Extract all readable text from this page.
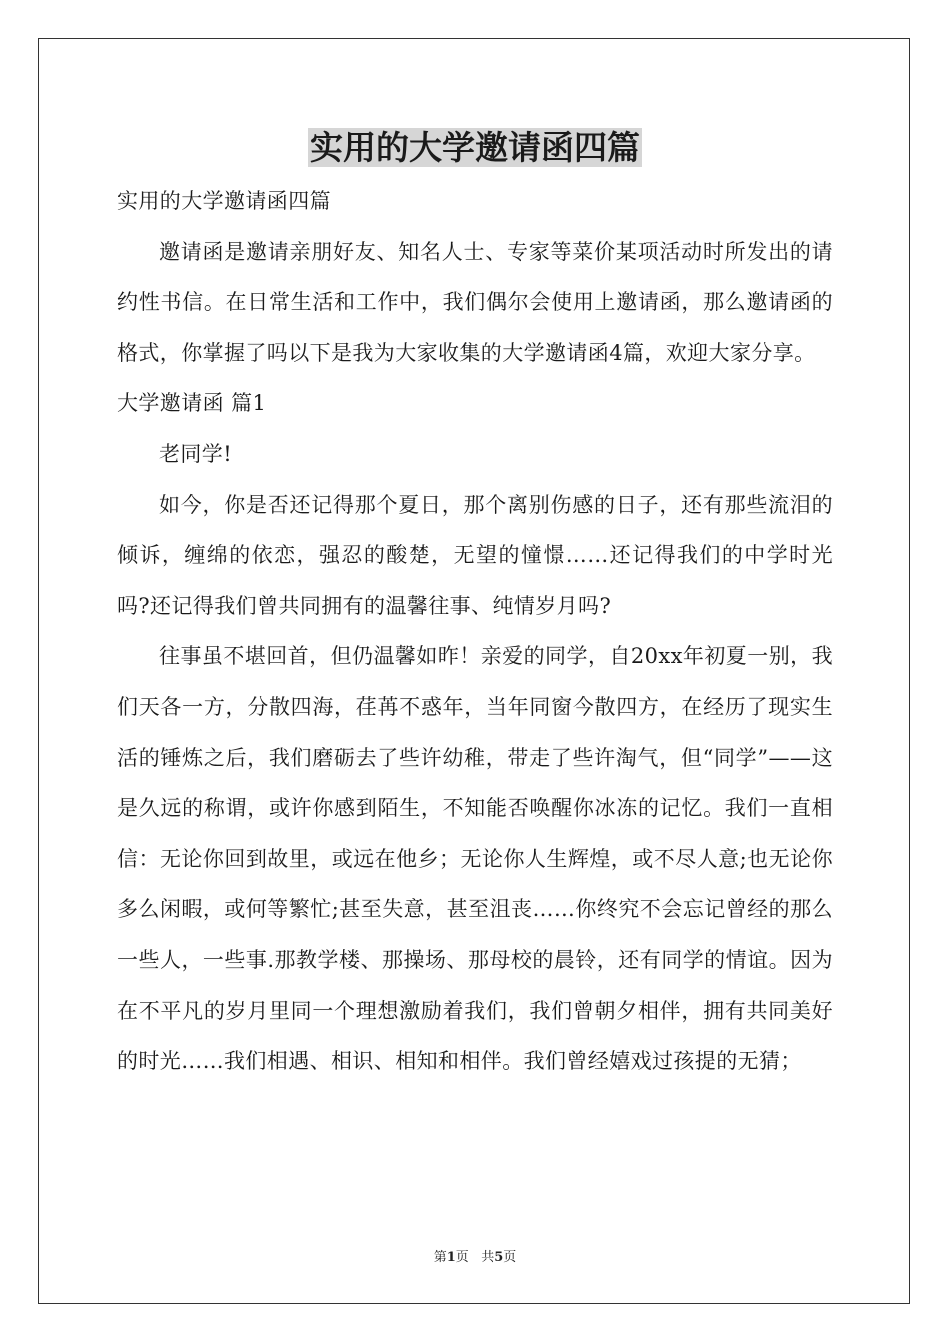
实用的大学邀请函四篇

实用的大学邀请函四篇

邀请函是邀请亲朋好友、知名人士、专家等菜价某项活动时所发出的请约性书信。在日常生活和工作中，我们偶尔会使用上邀请函，那么邀请函的格式，你掌握了吗以下是我为大家收集的大学邀请函4篇，欢迎大家分享。

大学邀请函 篇1

老同学!

如今，你是否还记得那个夏日，那个离别伤感的日子，还有那些流泪的倾诉，缠绵的依恋，强忍的酸楚，无望的憧憬……还记得我们的中学时光吗?还记得我们曾共同拥有的温馨往事、纯情岁月吗?

往事虽不堪回首，但仍温馨如昨！亲爱的同学，自20xx年初夏一别，我们天各一方，分散四海，荏苒不惑年，当年同窗今散四方，在经历了现实生活的锤炼之后，我们磨砺去了些许幼稚，带走了些许淘气，但“同学”——这是久远的称谓，或许你感到陌生，不知能否唤醒你冰冻的记忆。我们一直相信：无论你回到故里，或远在他乡；无论你人生辉煌，或不尽人意;也无论你多么闲暇，或何等繁忙;甚至失意，甚至沮丧……你终究不会忘记曾经的那么一些人，一些事.那教学楼、那操场、那母校的晨铃，还有同学的情谊。因为在不平凡的岁月里同一个理想激励着我们，我们曾朝夕相伴，拥有共同美好的时光……我们相遇、相识、相知和相伴。我们曾经嬉戏过孩提的无猜；

第1页 共5页
